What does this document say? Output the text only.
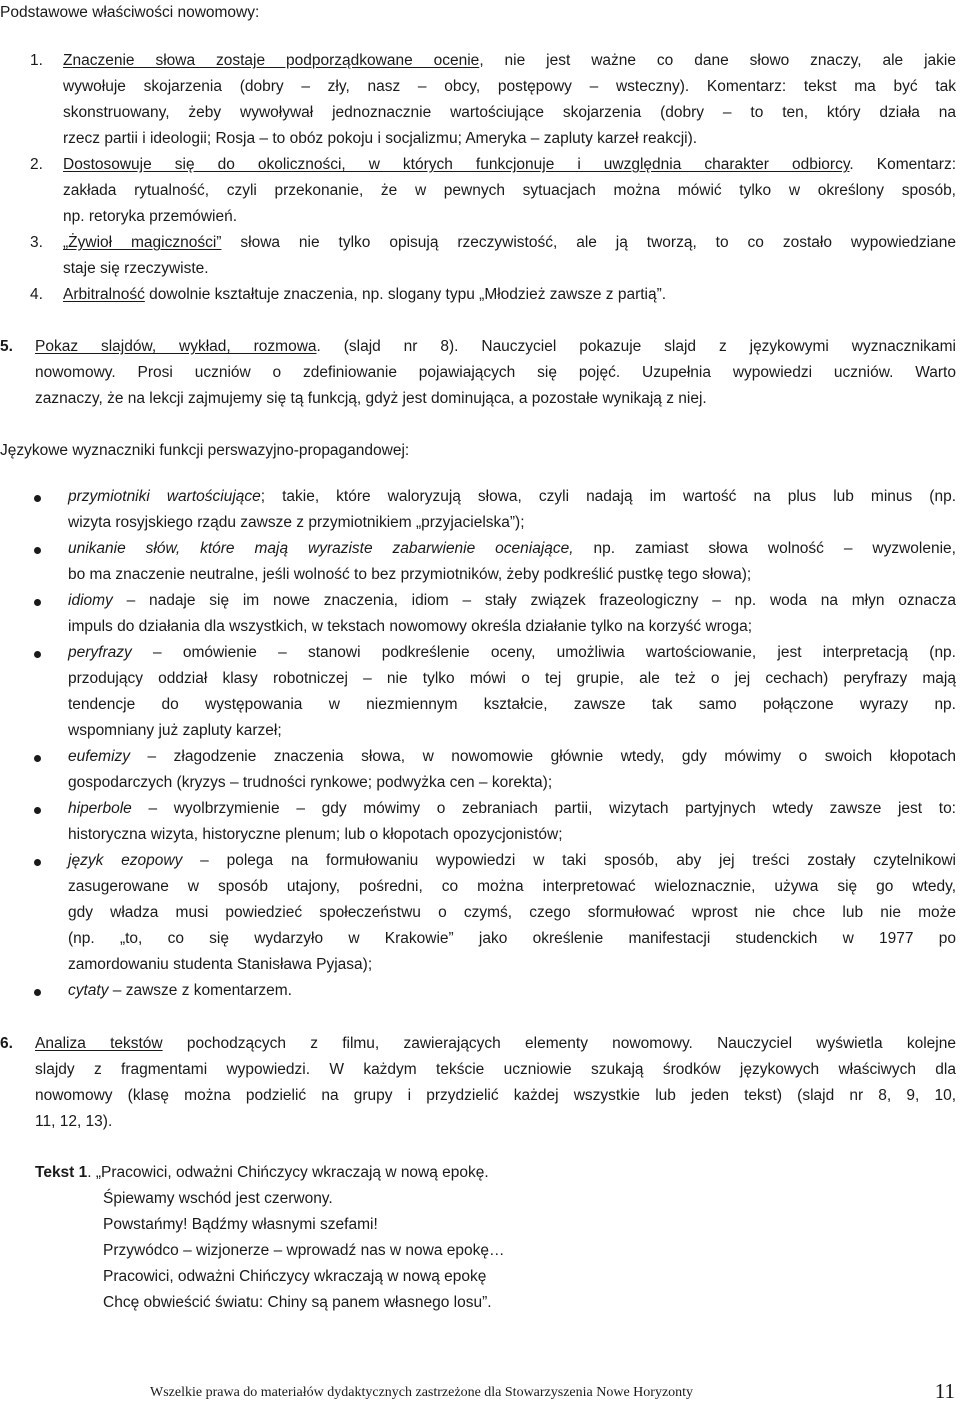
Podstawowe właściwości nowomowy:
1. Znaczenie słowa zostaje podporządkowane ocenie, nie jest ważne co dane słowo znaczy, ale jakie
wywołuje skojarzenia (dobry – zły, nasz – obcy, postępowy – wsteczny). Komentarz: tekst ma być tak
skonstruowany, żeby wywoływał jednoznacznie wartościujące skojarzenia (dobry – to ten, który działa na
rzecz partii i ideologii; Rosja – to obóz pokoju i socjalizmu; Ameryka – zapluty karzeł reakcji).
2. Dostosowuje się do okoliczności, w których funkcjonuje i uwzględnia charakter odbiorcy. Komentarz:
zakłada rytualność, czyli przekonanie, że w pewnych sytuacjach można mówić tylko w określony sposób,
np. retoryka przemówień.
3. „Żywioł magiczności” słowa nie tylko opisują rzeczywistość, ale ją tworzą, to co zostało wypowiedziane
staje się rzeczywiste.
4. Arbitralność dowolnie kształtuje znaczenia, np. slogany typu „Młodzież zawsze z partią”.
5. Pokaz slajdów, wykład, rozmowa. (slajd nr 8). Nauczyciel pokazuje slajd z językowymi wyznacznikami
nowomowy. Prosi uczniów o zdefiniowanie pojawiających się pojęć. Uzupełnia wypowiedzi uczniów. Warto
zaznaczy, że na lekcji zajmujemy się tą funkcją, gdyż jest dominująca, a pozostałe wynikają z niej.
Językowe wyznaczniki funkcji perswazyjno-propagandowej:
przymiotniki wartościujące; takie, które waloryzują słowa, czyli nadają im wartość na plus lub minus (np.
wizyta rosyjskiego rządu zawsze z przymiotnikiem „przyjacielska”);
unikanie słów, które mają wyraziste zabarwienie oceniające, np. zamiast słowa wolność – wyzwolenie,
bo ma znaczenie neutralne, jeśli wolność to bez przymiotników, żeby podkreślić pustkę tego słowa);
idiomy – nadaje się im nowe znaczenia, idiom – stały związek frazeologiczny – np. woda na młyn oznacza
impuls do działania dla wszystkich, w tekstach nowomowy określa działanie tylko na korzyść wroga;
peryfrazy – omówienie – stanowi podkreślenie oceny, umożliwia wartościowanie, jest interpretacją (np.
przodujący oddział klasy robotniczej – nie tylko mówi o tej grupie, ale też o jej cechach) peryfrazy mają
tendencje do występowania w niezmiennym kształcie, zawsze tak samo połączone wyrazy np.
wspomniany już zapluty karzeł;
eufemizy – złagodzenie znaczenia słowa, w nowomowie głównie wtedy, gdy mówimy o swoich kłopotach
gospodarczych (kryzys – trudności rynkowe; podwyżka cen – korekta);
hiperbole – wyolbrzymienie – gdy mówimy o zebraniach partii, wizytach partyjnych wtedy zawsze jest to:
historyczna wizyta, historyczne plenum; lub o kłopotach opozycjonistów;
język ezopowy – polega na formułowaniu wypowiedzi w taki sposób, aby jej treści zostały czytelnikowi
zasugerowane w sposób utajony, pośredni, co można interpretować wieloznacznie, używa się go wtedy,
gdy władza musi powiedzieć społeczeństwu o czymś, czego sformułować wprost nie chce lub nie może
(np. „to, co się wydarzyło w Krakowie” jako określenie manifestacji studenckich w 1977 po
zamordowaniu studenta Stanisława Pyjasa);
cytaty – zawsze z komentarzem.
6. Analiza tekstów pochodzących z filmu, zawierających elementy nowomowy. Nauczyciel wyświetla kolejne
slajdy z fragmentami wypowiedzi. W każdym tekście uczniowie szukają środków językowych właściwych dla
nowomowy (klasę można podzielić na grupy i przydzielić każdej wszystkie lub jeden tekst) (slajd nr 8, 9, 10,
11, 12, 13).
Tekst 1. „Pracowici, odważni Chińczycy wkraczają w nową epokę.
Śpiewamy wschód jest czerwony.
Powstańmy! Bądźmy własnymi szefami!
Przywódco – wizjonerze – wprowadź nas w nowa epokę…
Pracowici, odważni Chińczycy wkraczają w nową epokę
Chcę obwieścić światu: Chiny są panem własnego losu”.
Wszelkie prawa do materiałów dydaktycznych zastrzeżone dla Stowarzyszenia Nowe Horyzonty	11
